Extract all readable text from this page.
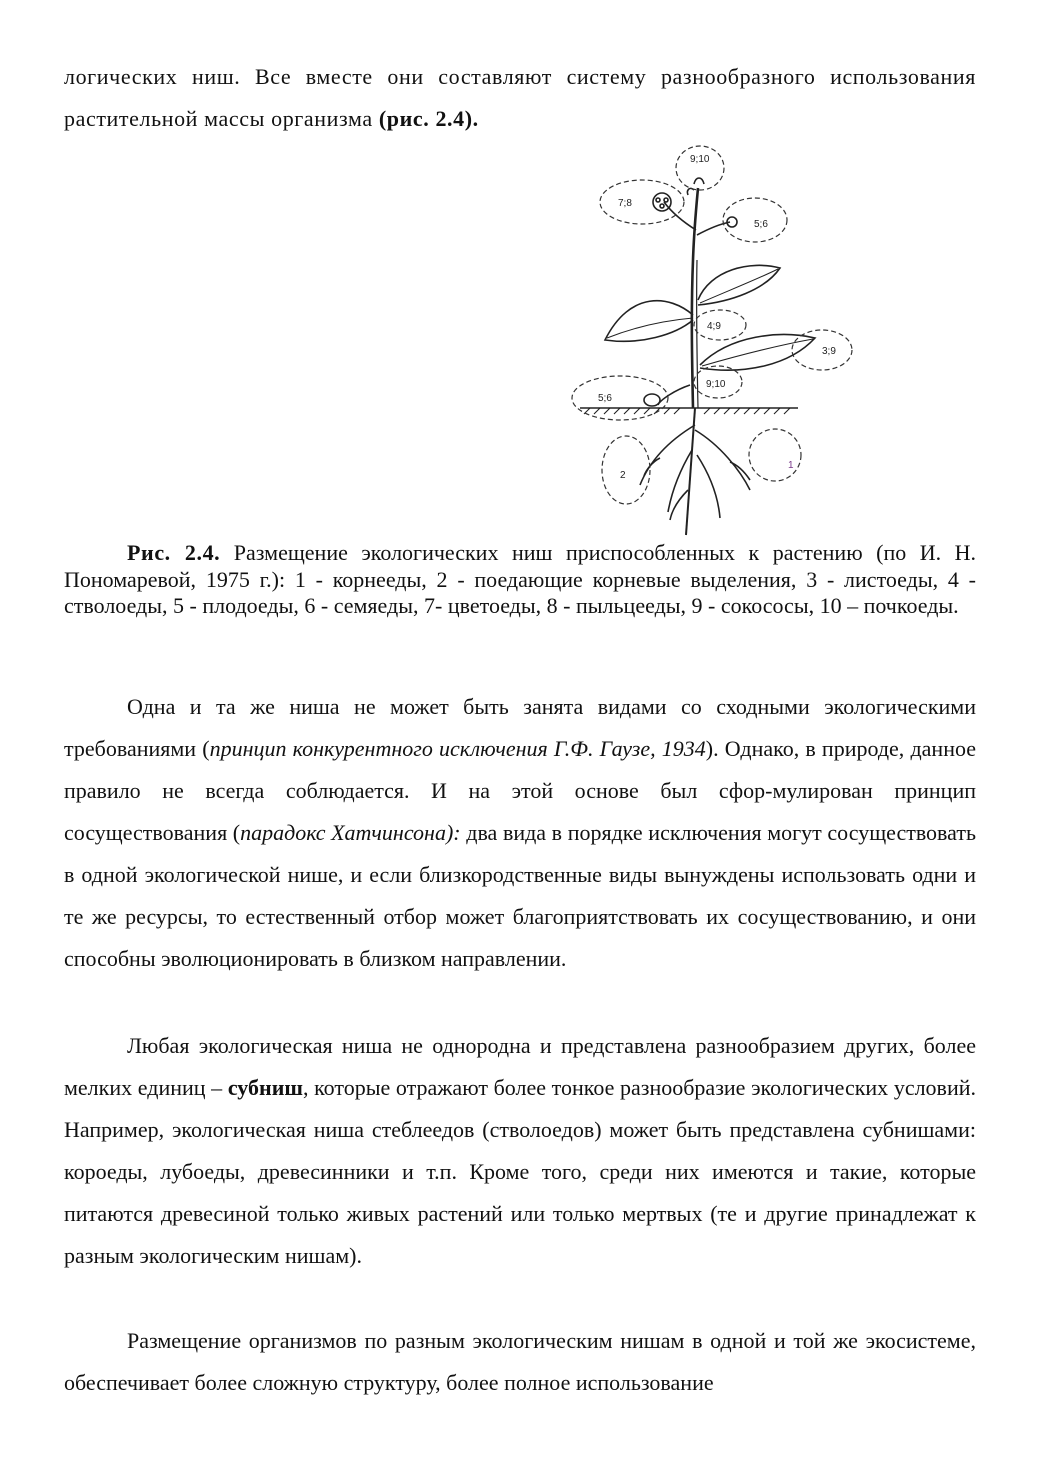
логических ниш. Все вместе они составляют систему разнообразного использования растительной массы организма (рис. 2.4).

9;10
7;8
5;6
4;9
3;9
9;10
5;6
2
1

Рис. 2.4. Размещение экологических ниш приспособленных к растению (по И. Н. Пономаревой, 1975 г.): 1 - корнееды, 2 - поедающие корневые выделения, 3 - листоеды, 4 - стволоеды, 5 - плодоеды, 6 - семяеды, 7- цветоеды, 8 - пыльцееды, 9 - сокососы, 10 – почкоеды.

Одна и та же ниша не может быть занята видами со сходными экологическими требованиями (принцип конкурентного исключения Г.Ф. Гаузе, 1934). Однако, в природе, данное правило не всегда соблюдается. И на этой основе был сфор-мулирован принцип сосуществования (парадокс Хатчинсона): два вида в порядке исключения могут сосуществовать в одной экологической нише, и если близкородственные виды вынуждены использовать одни и те же ресурсы, то естественный отбор может благоприятствовать их сосуществованию, и они способны эволюционировать в близком направлении.

Любая экологическая ниша не однородна и представлена разнообразием других, более мелких единиц – субниш, которые отражают более тонкое разнообразие экологических условий. Например, экологическая ниша стеблеедов (стволоедов) может быть представлена субнишами: короеды, лубоеды, древесинники и т.п. Кроме того, среди них имеются и такие, которые питаются древесиной только живых растений или только мертвых (те и другие принадлежат к разным экологическим нишам).

Размещение организмов по разным экологическим нишам в одной и той же экосистеме, обеспечивает более сложную структуру, более полное использование
